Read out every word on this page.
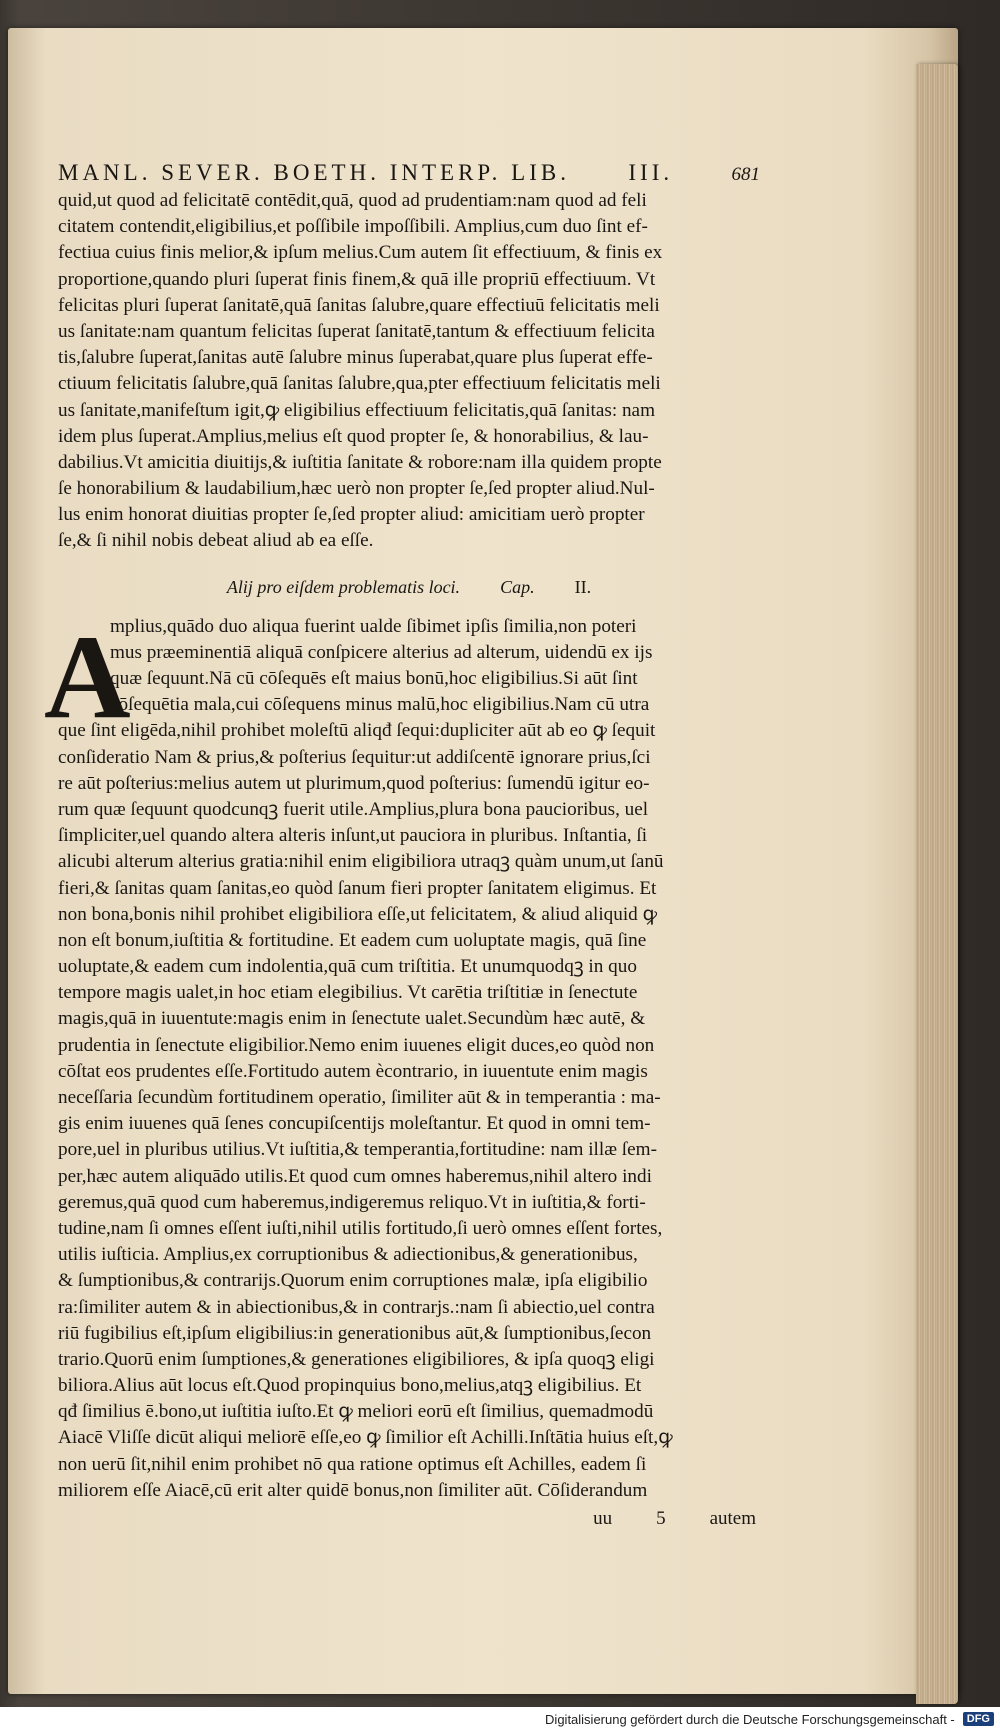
MANL. SEVER. BOETH. INTERP. LIB.	III.	681
quid,ut quod ad felicitatē contēdit,quā, quod ad prudentiam:nam quod ad feli
citatem contendit,eligibilius,et poſſibile impoſſibili. Amplius,cum duo ſint ef-
fectiua cuius finis melior,& ipſum melius.Cum autem ſit effectiuum, & finis ex
proportione,quando pluri ſuperat finis finem,& quā ille propriū effectiuum. Vt
felicitas pluri ſuperat ſanitatē,quā ſanitas ſalubre,quare effectiuū felicitatis meli
us ſanitate:nam quantum felicitas ſuperat ſanitatē,tantum & effectiuum felicita
tis,ſalubre ſuperat,ſanitas autē ſalubre minus ſuperabat,quare plus ſuperat effe-
ctiuum felicitatis ſalubre,quā ſanitas ſalubre,qua,pter effectiuum felicitatis meli
us ſanitate,manifeſtum igit,ꝙ eligibilius effectiuum felicitatis,quā ſanitas: nam
idem plus ſuperat.Amplius,melius eſt quod propter ſe, & honorabilius, & lau-
dabilius.Vt amicitia diuitijs,& iuſtitia ſanitate & robore:nam illa quidem propte
ſe honorabilium & laudabilium,hæc uerò non propter ſe,ſed propter aliud.Nul-
lus enim honorat diuitias propter ſe,ſed propter aliud: amicitiam uerò propter
ſe,& ſi nihil nobis debeat aliud ab ea eſſe.
Alij pro eiſdem problematis loci. Cap. II.
A
mplius,quādo duo aliqua fuerint ualde ſibimet ipſis ſimilia,non poteri
mus præeminentiā aliquā conſpicere alterius ad alterum, uidendū ex ijs
quæ ſequunt.Nā cū cōſequēs eſt maius bonū,hoc eligibilius.Si aūt ſint
cōſequētia mala,cui cōſequens minus malū,hoc eligibilius.Nam cū utra
que ſint eligēda,nihil prohibet moleſtū aliqđ ſequi:dupliciter aūt ab eo ꝙ ſequit
conſideratio Nam & prius,& poſterius ſequitur:ut addiſcentē ignorare prius,ſci
re aūt poſterius:melius autem ut plurimum,quod poſterius: ſumendū igitur eo-
rum quæ ſequunt quodcunqꝫ fuerit utile.Amplius,plura bona paucioribus, uel
ſimpliciter,uel quando altera alteris inſunt,ut pauciora in pluribus. Inſtantia, ſi
alicubi alterum alterius gratia:nihil enim eligibiliora utraqꝫ quàm unum,ut ſanū
fieri,& ſanitas quam ſanitas,eo quòd ſanum fieri propter ſanitatem eligimus. Et
non bona,bonis nihil prohibet eligibiliora eſſe,ut felicitatem, & aliud aliquid ꝙ
non eſt bonum,iuſtitia & fortitudine. Et eadem cum uoluptate magis, quā ſine
uoluptate,& eadem cum indolentia,quā cum triſtitia. Et unumquodqꝫ in quo
tempore magis ualet,in hoc etiam elegibilius. Vt carētia triſtitiæ in ſenectute
magis,quā in iuuentute:magis enim in ſenectute ualet.Secundùm hæc autē, &
prudentia in ſenectute eligibilior.Nemo enim iuuenes eligit duces,eo quòd non
cōſtat eos prudentes eſſe.Fortitudo autem ècontrario, in iuuentute enim magis
neceſſaria ſecundùm fortitudinem operatio, ſimiliter aūt & in temperantia : ma-
gis enim iuuenes quā ſenes concupiſcentijs moleſtantur. Et quod in omni tem-
pore,uel in pluribus utilius.Vt iuſtitia,& temperantia,fortitudine: nam illæ ſem-
per,hæc autem aliquādo utilis.Et quod cum omnes haberemus,nihil altero indi
geremus,quā quod cum haberemus,indigeremus reliquo.Vt in iuſtitia,& forti-
tudine,nam ſi omnes eſſent iuſti,nihil utilis fortitudo,ſi uerò omnes eſſent fortes,
utilis iuſticia. Amplius,ex corruptionibus & adiectionibus,& generationibus,
& ſumptionibus,& contrarijs.Quorum enim corruptiones malæ, ipſa eligibilio
ra:ſimiliter autem & in abiectionibus,& in contrarjs.:nam ſi abiectio,uel contra
riū fugibilius eſt,ipſum eligibilius:in generationibus aūt,& ſumptionibus,ſecon
trario.Quorū enim ſumptiones,& generationes eligibiliores, & ipſa quoqꝫ eligi
biliora.Alius aūt locus eſt.Quod propinquius bono,melius,atqꝫ eligibilius. Et
qđ ſimilius ē.bono,ut iuſtitia iuſto.Et ꝙ meliori eorū eſt ſimilius, quemadmodū
Aiacē Vliſſe dicūt aliqui meliorē eſſe,eo ꝙ ſimilior eſt Achilli.Inſtātia huius eſt,ꝙ
non uerū ſit,nihil enim prohibet nō qua ratione optimus eſt Achilles, eadem ſi
miliorem eſſe Aiacē,cū erit alter quidē bonus,non ſimiliter aūt. Cōſiderandum
uu 5 autem
Digitalisierung gefördert durch die Deutsche Forschungsgemeinschaft -	DFG
